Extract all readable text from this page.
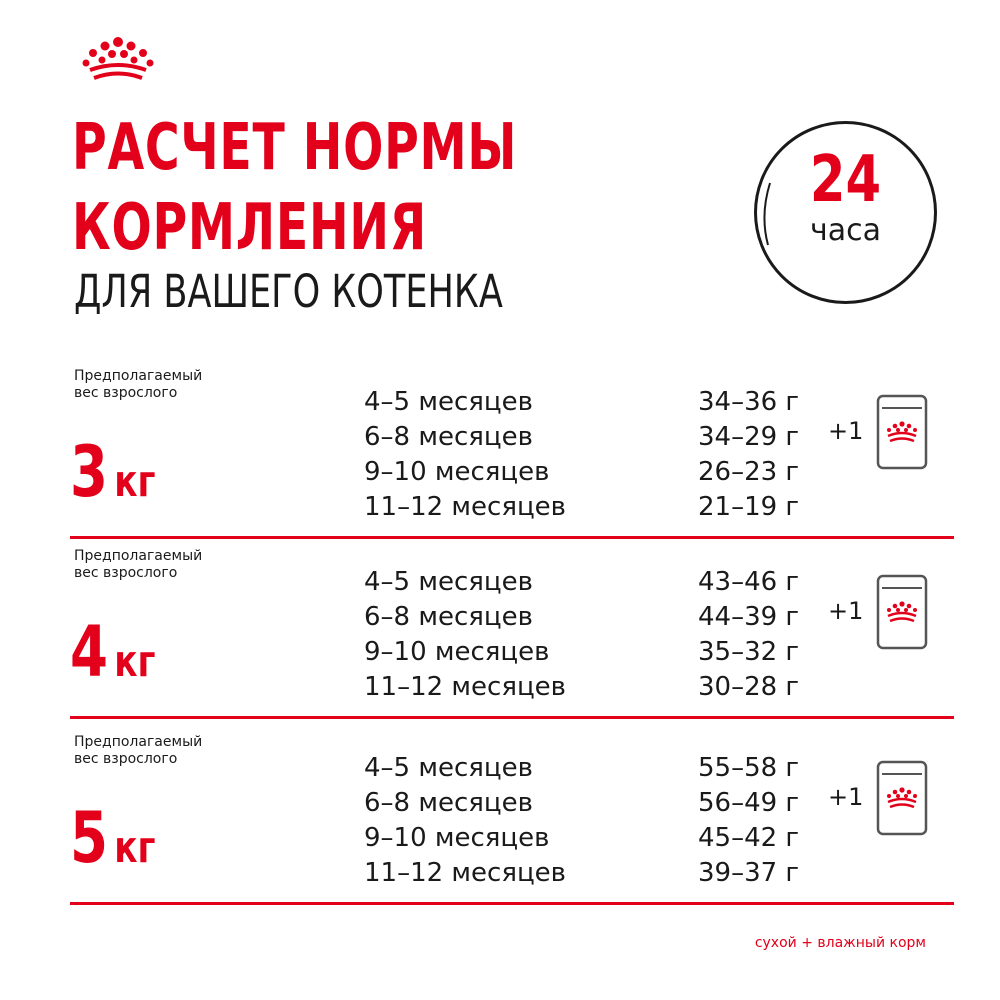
РАСЧЕТ НОРМЫ
КОРМЛЕНИЯ
ДЛЯ ВАШЕГО КОТЕНКА
24
часа
Предполагаемый
вес взрослого
3 кг
4–5 месяцев	34–36 г
6–8 месяцев	34–29 г
9–10 месяцев	26–23 г
11–12 месяцев	21–19 г
+1
Предполагаемый
вес взрослого
4 кг
4–5 месяцев	43–46 г
6–8 месяцев	44–39 г
9–10 месяцев	35–32 г
11–12 месяцев	30–28 г
+1
Предполагаемый
вес взрослого
5 кг
4–5 месяцев	55–58 г
6–8 месяцев	56–49 г
9–10 месяцев	45–42 г
11–12 месяцев	39–37 г
+1
сухой + влажный корм
